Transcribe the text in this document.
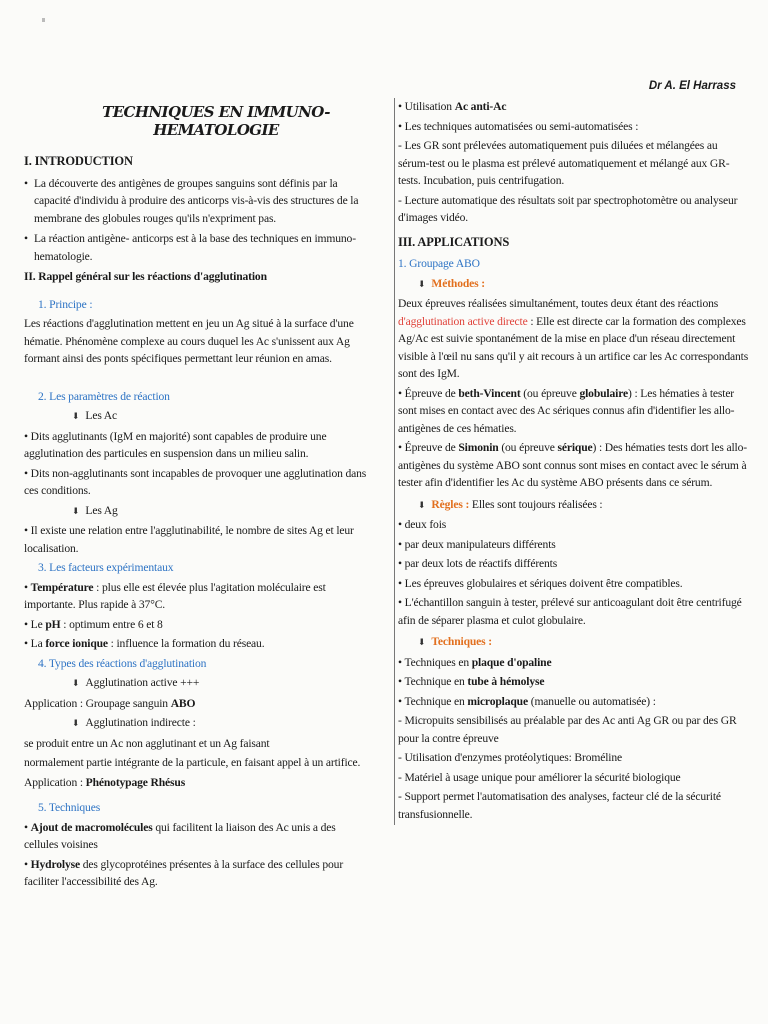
Dr A. El Harrass
TECHNIQUES EN IMMUNO-HEMATOLOGIE
I. INTRODUCTION
• La découverte des antigènes de groupes sanguins sont définis par la capacité d'individu à produire des anticorps vis-à-vis des structures de la membrane des globules rouges qu'ils n'expriment pas.
• La réaction antigène- anticorps est à la base des techniques en immuno-hematologie.
II. Rappel général sur les réactions d'agglutination
1. Principe :
Les réactions d'agglutination mettent en jeu un Ag situé à la surface d'une hématie. Phénomène complexe au cours duquel les Ac s'unissent aux Ag formant ainsi des ponts spécifiques permettant leur réunion en amas.
2. Les paramètres de réaction
⬇ Les Ac
• Dits agglutinants (IgM en majorité) sont capables de produire une agglutination des particules en suspension dans un milieu salin.
• Dits non-agglutinants sont incapables de provoquer une agglutination dans ces conditions.
⬇ Les Ag
• Il existe une relation entre l'agglutinabilité, le nombre de sites Ag et leur localisation.
3. Les facteurs expérimentaux
• Température : plus elle est élevée plus l'agitation moléculaire est importante. Plus rapide à 37°C.
• Le pH : optimum entre 6 et 8
• La force ionique : influence la formation du réseau.
4. Types des réactions d'agglutination
⬇ Agglutination active +++
Application : Groupage sanguin ABO
⬇ Agglutination indirecte :
se produit entre un Ac non agglutinant et un Ag faisant
normalement partie intégrante de la particule, en faisant appel à un artifice.
Application : Phénotypage Rhésus
5. Techniques
• Ajout de macromolécules qui facilitent la liaison des Ac unis a des cellules voisines
• Hydrolyse des glycoprotéines présentes à la surface des cellules pour faciliter l'accessibilité des Ag.
• Utilisation Ac anti-Ac
• Les techniques automatisées ou semi-automatisées :
- Les GR sont prélevées automatiquement puis diluées et mélangées au sérum-test ou le plasma est prélevé automatiquement et mélangé aux GR-tests. Incubation, puis centrifugation.
- Lecture automatique des résultats soit par spectrophotomètre ou analyseur d'images vidéo.
III. APPLICATIONS
1. Groupage ABO
⬇ Méthodes :
Deux épreuves réalisées simultanément, toutes deux étant des réactions d'agglutination active directe : Elle est directe car la formation des complexes Ag/Ac est suivie spontanément de la mise en place d'un réseau directement visible à l'œil nu sans qu'il y ait recours à un artifice car les Ac correspondants sont des IgM.
• Épreuve de beth-Vincent (ou épreuve globulaire) : Les hématies à tester sont mises en contact avec des Ac sériques connus afin d'identifier les allo-antigènes de ces hématies.
• Épreuve de Simonin (ou épreuve sérique) : Des hématies tests dort les allo-antigènes du système ABO sont connus sont mises en contact avec le sérum à tester afin d'identifier les Ac du système ABO présents dans ce sérum.
⬇ Règles : Elles sont toujours réalisées :
• deux fois
• par deux manipulateurs différents
• par deux lots de réactifs différents
• Les épreuves globulaires et sériques doivent être compatibles.
• L'échantillon sanguin à tester, prélevé sur anticoagulant doit être centrifugé afin de séparer plasma et culot globulaire.
⬇ Techniques :
• Techniques en plaque d'opaline
• Technique en tube à hémolyse
• Technique en microplaque (manuelle ou automatisée) :
- Micropuits sensibilisés au préalable par des Ac anti Ag GR ou par des GR pour la contre épreuve
- Utilisation d'enzymes protéolytiques: Broméline
- Matériel à usage unique pour améliorer la sécurité biologique
- Support permet l'automatisation des analyses, facteur clé de la sécurité transfusionnelle.
